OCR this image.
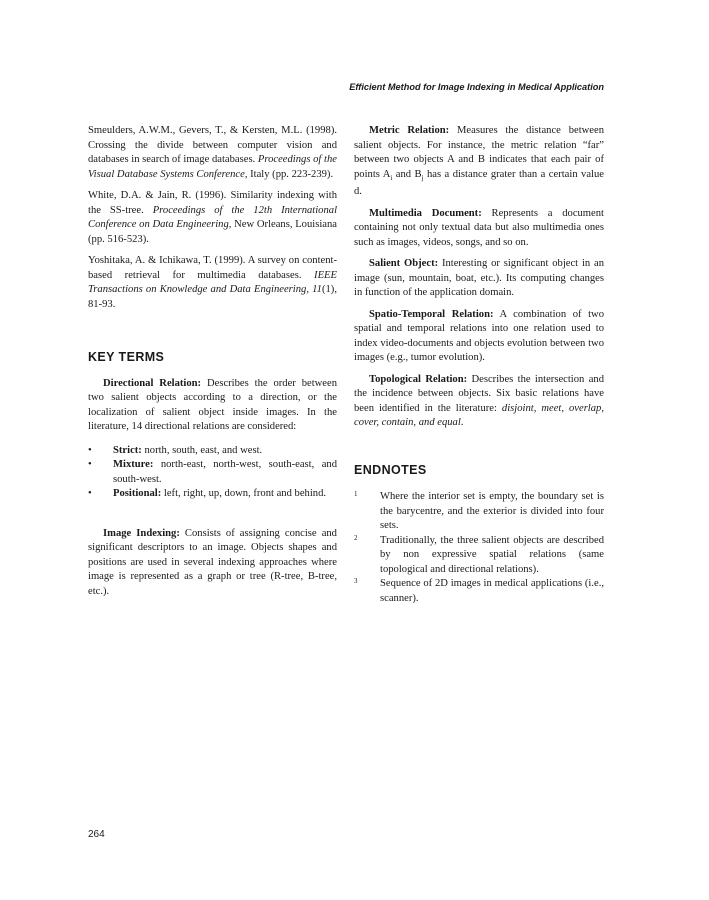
Efficient Method for Image Indexing in Medical Application

Smeulders, A.W.M., Gevers, T., & Kersten, M.L. (1998). Crossing the divide between computer vision and databases in search of image databases. Proceedings of the Visual Database Systems Conference, Italy (pp. 223-239).

White, D.A. & Jain, R. (1996). Similarity indexing with the SS-tree. Proceedings of the 12th International Conference on Data Engineering, New Orleans, Louisiana (pp. 516-523).

Yoshitaka, A. & Ichikawa, T. (1999). A survey on content-based retrieval for multimedia databases. IEEE Transactions on Knowledge and Data Engineering, 11(1), 81-93.

KEY TERMS

Directional Relation: Describes the order between two salient objects according to a direction, or the localization of salient object inside images. In the literature, 14 directional relations are considered:

• Strict: north, south, east, and west.
• Mixture: north-east, north-west, south-east, and south-west.
• Positional: left, right, up, down, front and behind.

Image Indexing: Consists of assigning concise and significant descriptors to an image. Objects shapes and positions are used in several indexing approaches where image is represented as a graph or tree (R-tree, B-tree, etc.).

Metric Relation: Measures the distance between salient objects. For instance, the metric relation “far” between two objects A and B indicates that each pair of points $A_i$ and $B_j$ has a distance grater than a certain value d.

Multimedia Document: Represents a document containing not only textual data but also multimedia ones such as images, videos, songs, and so on.

Salient Object: Interesting or significant object in an image (sun, mountain, boat, etc.). Its computing changes in function of the application domain.

Spatio-Temporal Relation: A combination of two spatial and temporal relations into one relation used to index video-documents and objects evolution between two images (e.g., tumor evolution).

Topological Relation: Describes the intersection and the incidence between objects. Six basic relations have been identified in the literature: disjoint, meet, overlap, cover, contain, and equal.

ENDNOTES
1 Where the interior set is empty, the boundary set is the barycentre, and the exterior is divided into four sets.
2 Traditionally, the three salient objects are described by non expressive spatial relations (same topological and directional relations).
3 Sequence of 2D images in medical applications (i.e., scanner).
264
